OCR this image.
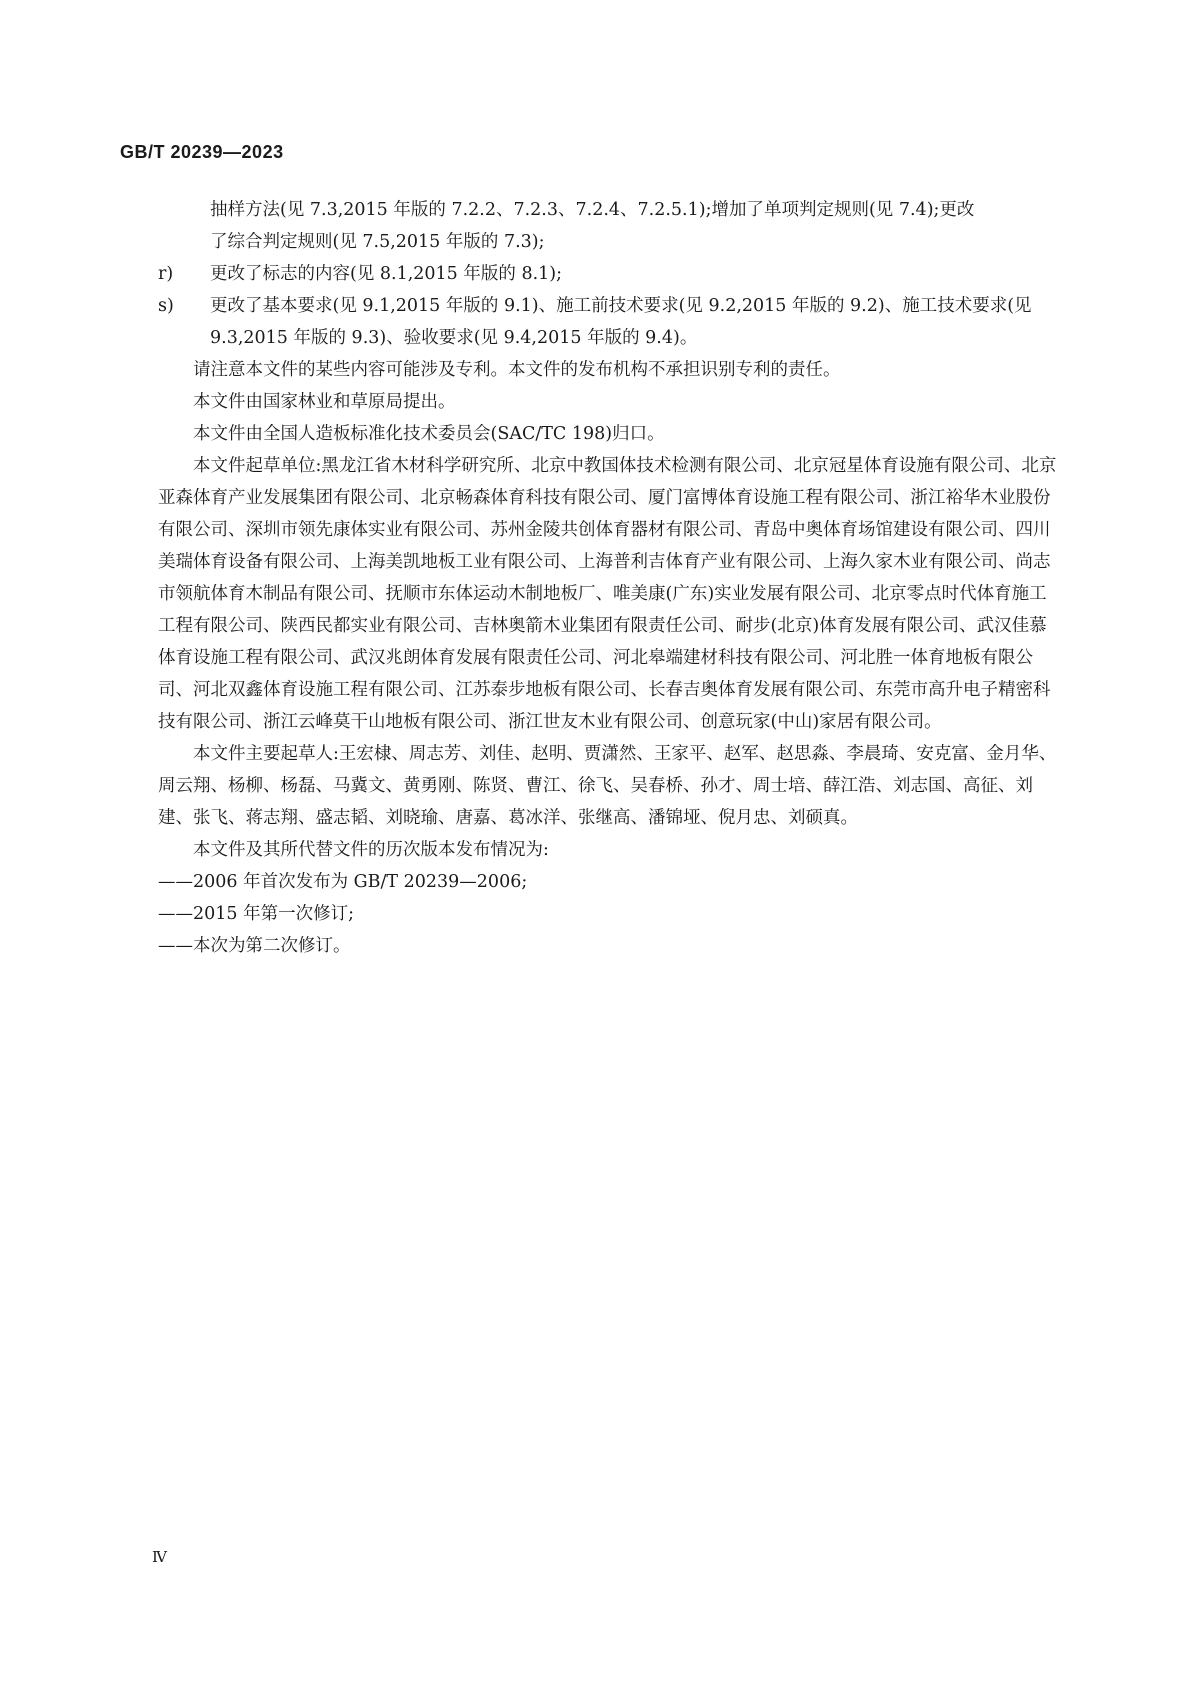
GB/T 20239—2023

抽样方法(见 7.3,2015 年版的 7.2.2、7.2.3、7.2.4、7.2.5.1);增加了单项判定规则(见 7.4);更改

了综合判定规则(见 7.5,2015 年版的 7.3);

r) 更改了标志的内容(见 8.1,2015 年版的 8.1);
s) 更改了基本要求(见 9.1,2015 年版的 9.1)、施工前技术要求(见 9.2,2015 年版的 9.2)、施工技术要求(见 9.3,2015 年版的 9.3)、验收要求(见 9.4,2015 年版的 9.4)。

请注意本文件的某些内容可能涉及专利。本文件的发布机构不承担识别专利的责任。

本文件由国家林业和草原局提出。

本文件由全国人造板标准化技术委员会(SAC/TC 198)归口。

本文件起草单位:黑龙江省木材科学研究所、北京中教国体技术检测有限公司、北京冠星体育设施有限公司、北京亚森体育产业发展集团有限公司、北京畅森体育科技有限公司、厦门富博体育设施工程有限公司、浙江裕华木业股份有限公司、深圳市领先康体实业有限公司、苏州金陵共创体育器材有限公司、青岛中奥体育场馆建设有限公司、四川美瑞体育设备有限公司、上海美凯地板工业有限公司、上海普利吉体育产业有限公司、上海久家木业有限公司、尚志市领航体育木制品有限公司、抚顺市东体运动木制地板厂、唯美康(广东)实业发展有限公司、北京零点时代体育施工工程有限公司、陕西民都实业有限公司、吉林奥箭木业集团有限责任公司、耐步(北京)体育发展有限公司、武汉佳慕体育设施工程有限公司、武汉兆朗体育发展有限责任公司、河北皋端建材科技有限公司、河北胜一体育地板有限公司、河北双鑫体育设施工程有限公司、江苏泰步地板有限公司、长春吉奥体育发展有限公司、东莞市高升电子精密科技有限公司、浙江云峰莫干山地板有限公司、浙江世友木业有限公司、创意玩家(中山)家居有限公司。

本文件主要起草人:王宏棣、周志芳、刘佳、赵明、贾潇然、王家平、赵军、赵思淼、李晨琦、安克富、金月华、周云翔、杨柳、杨磊、马冀文、黄勇刚、陈贤、曹江、徐飞、吴春桥、孙才、周士培、薛江浩、刘志国、高征、刘建、张飞、蒋志翔、盛志韬、刘晓瑜、唐嘉、葛冰洋、张继高、潘锦垭、倪月忠、刘硕真。

本文件及其所代替文件的历次版本发布情况为:

——2006 年首次发布为 GB/T 20239—2006;

——2015 年第一次修订;

——本次为第二次修订。

Ⅳ
